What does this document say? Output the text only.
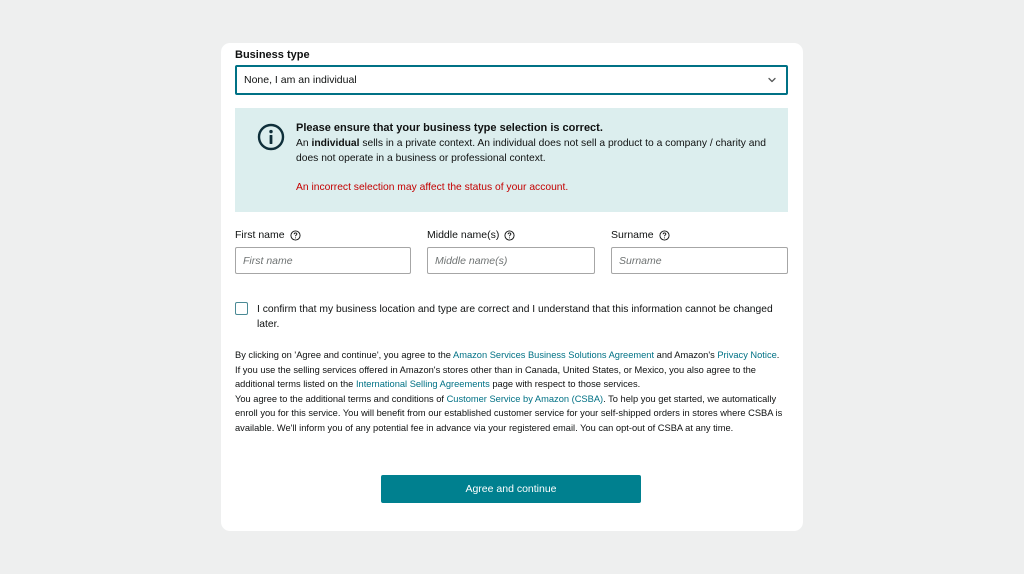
Business type
None, I am an individual
Please ensure that your business type selection is correct.
An individual sells in a private context. An individual does not sell a product to a company / charity and does not operate in a business or professional context.
An incorrect selection may affect the status of your account.
First name
First name	Middle name(s)
Middle name(s)	Surname
Surname
I confirm that my business location and type are correct and I understand that this information cannot be changed later.
By clicking on 'Agree and continue', you agree to the Amazon Services Business Solutions Agreement and Amazon's Privacy Notice.
If you use the selling services offered in Amazon's stores other than in Canada, United States, or Mexico, you also agree to the additional terms listed on the International Selling Agreements page with respect to those services.
You agree to the additional terms and conditions of Customer Service by Amazon (CSBA). To help you get started, we automatically enroll you for this service. You will benefit from our established customer service for your self-shipped orders in stores where CSBA is available. We'll inform you of any potential fee in advance via your registered email. You can opt-out of CSBA at any time.
Agree and continue
